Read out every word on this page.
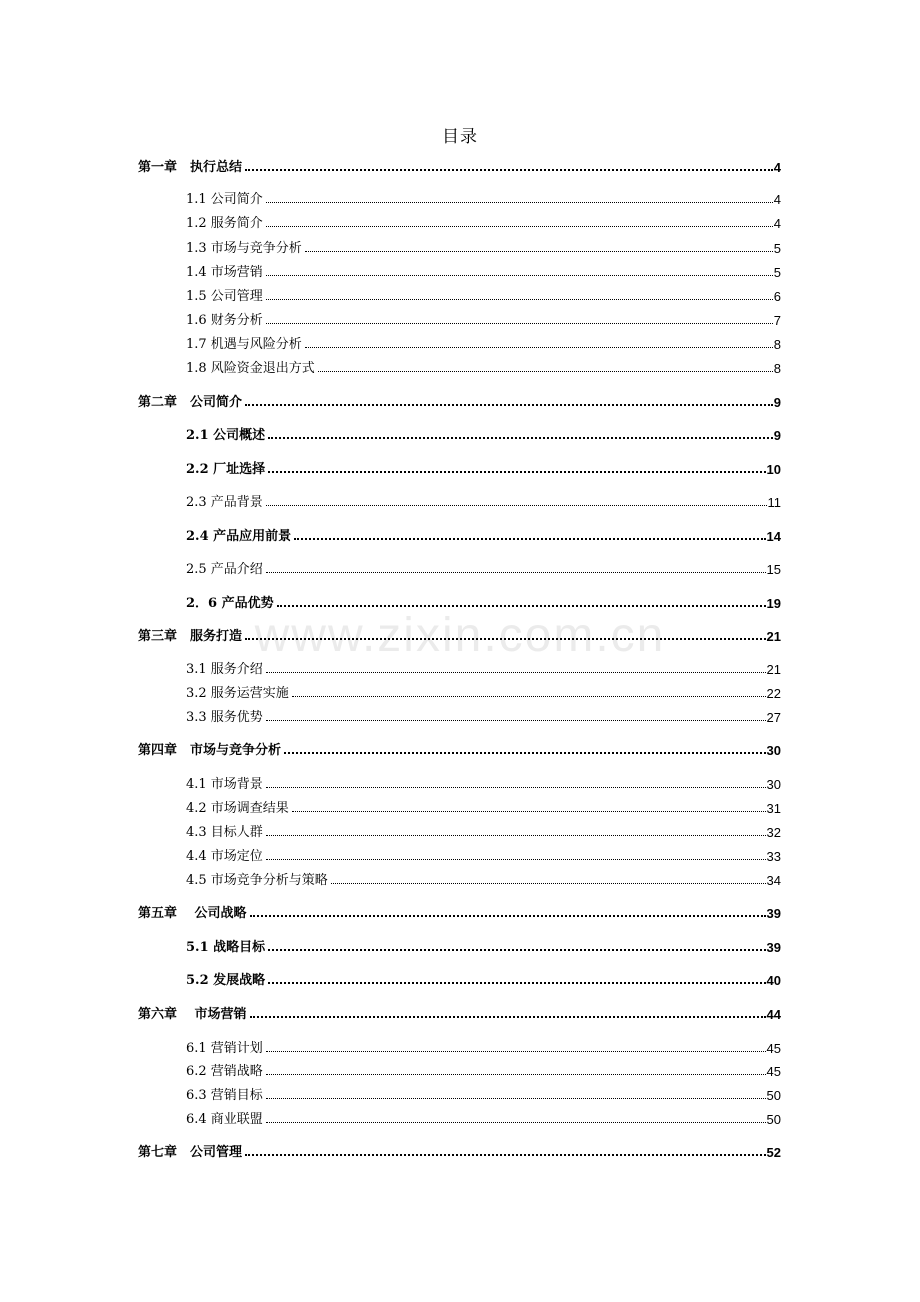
目录
www.zixin.com.cn
第一章　执行总结	4
1.1 公司简介	4
1.2 服务简介	4
1.3 市场与竞争分析	5
1.4 市场营销	5
1.5 公司管理	6
1.6 财务分析	7
1.7 机遇与风险分析	8
1.8 风险资金退出方式	8
第二章　公司简介	9
2.1 公司概述	9
2.2 厂址选择	10
2.3 产品背景	11
2.4 产品应用前景	14
2.5 产品介绍	15
2．6 产品优势	19
第三章　服务打造	21
3.1 服务介绍	21
3.2 服务运营实施	22
3.3 服务优势	27
第四章　市场与竞争分析	30
4.1 市场背景	30
4.2 市场调查结果	31
4.3 目标人群	32
4.4 市场定位	33
4.5 市场竞争分析与策略	34
第五章　 公司战略	39
5.1 战略目标	39
5.2 发展战略	40
第六章　 市场营销	44
6.1 营销计划	45
6.2 营销战略	45
6.3 营销目标	50
6.4 商业联盟	50
第七章　公司管理	52
